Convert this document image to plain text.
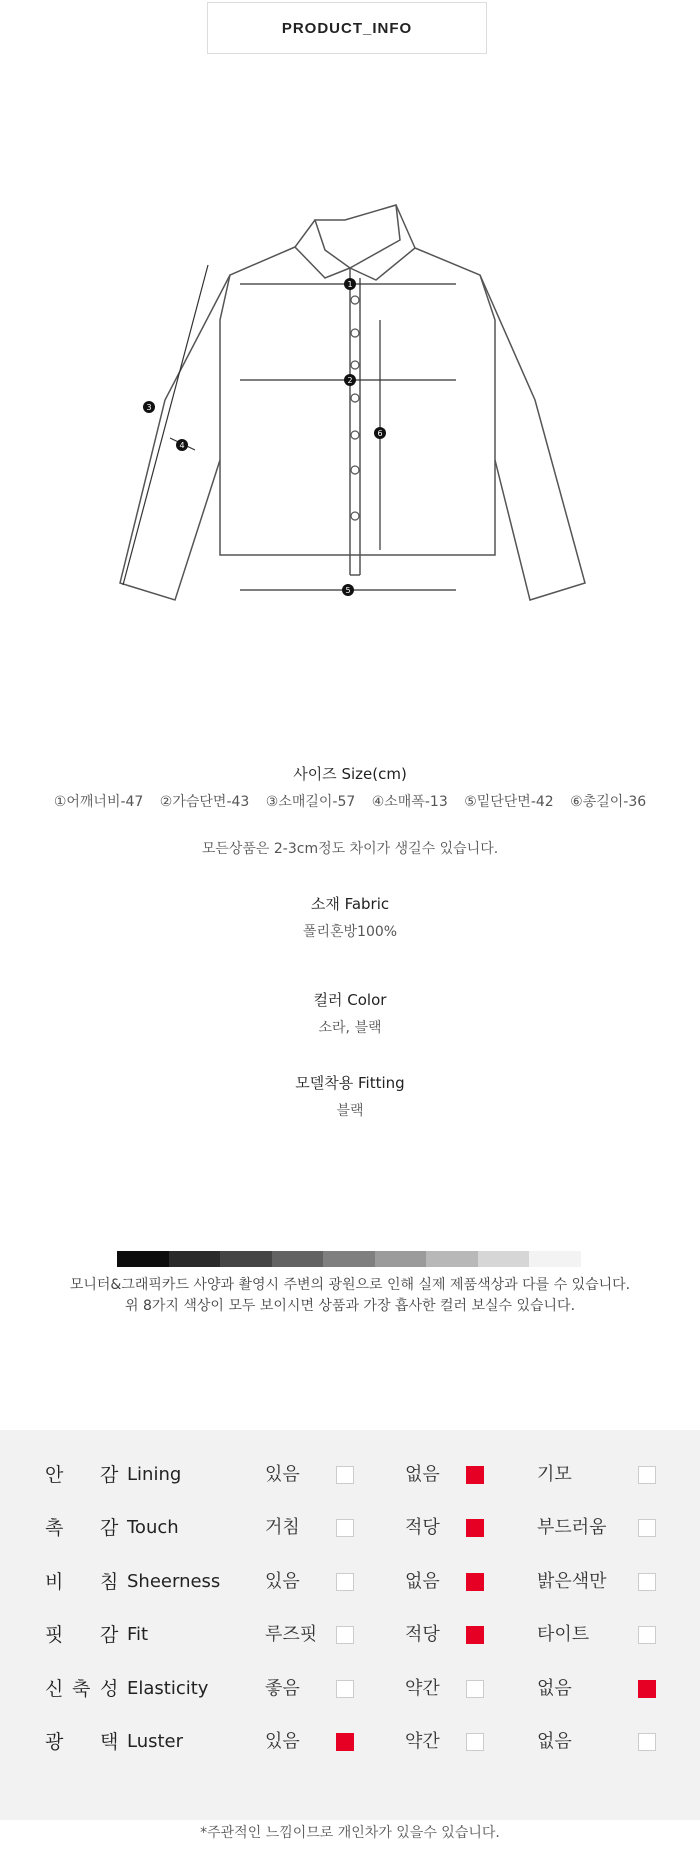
PRODUCT_INFO
1
2
3
4
5
6
사이즈 Size(cm)

①어깨너비-47 ②가슴단면-43 ③소매길이-57 ④소매폭-13 ⑤밑단단면-42 ⑥총길이-36

모든상품은 2-3cm정도 차이가 생길수 있습니다.

소재 Fabric

폴리혼방100%

컬러 Color

소라, 블랙

모델착용 Fitting

블랙

모니터&그래픽카드 사양과 촬영시 주변의 광원으로 인해 실제 제품색상과 다를 수 있습니다.
위 8가지 색상이 모두 보이시면 상품과 가장 흡사한 컬러 보실수 있습니다.
안 감 Lining	있음	없음	기모
촉 감 Touch	거침	적당	부드러움
비 침 Sheerness 있음	없음	밝은색만
핏 감 Fit	루즈핏	적당	타이트
신 축 성 Elasticity	좋음	약간	없음
광 택 Luster	있음	약간	없음
*주관적인 느낌이므로 개인차가 있을수 있습니다.
